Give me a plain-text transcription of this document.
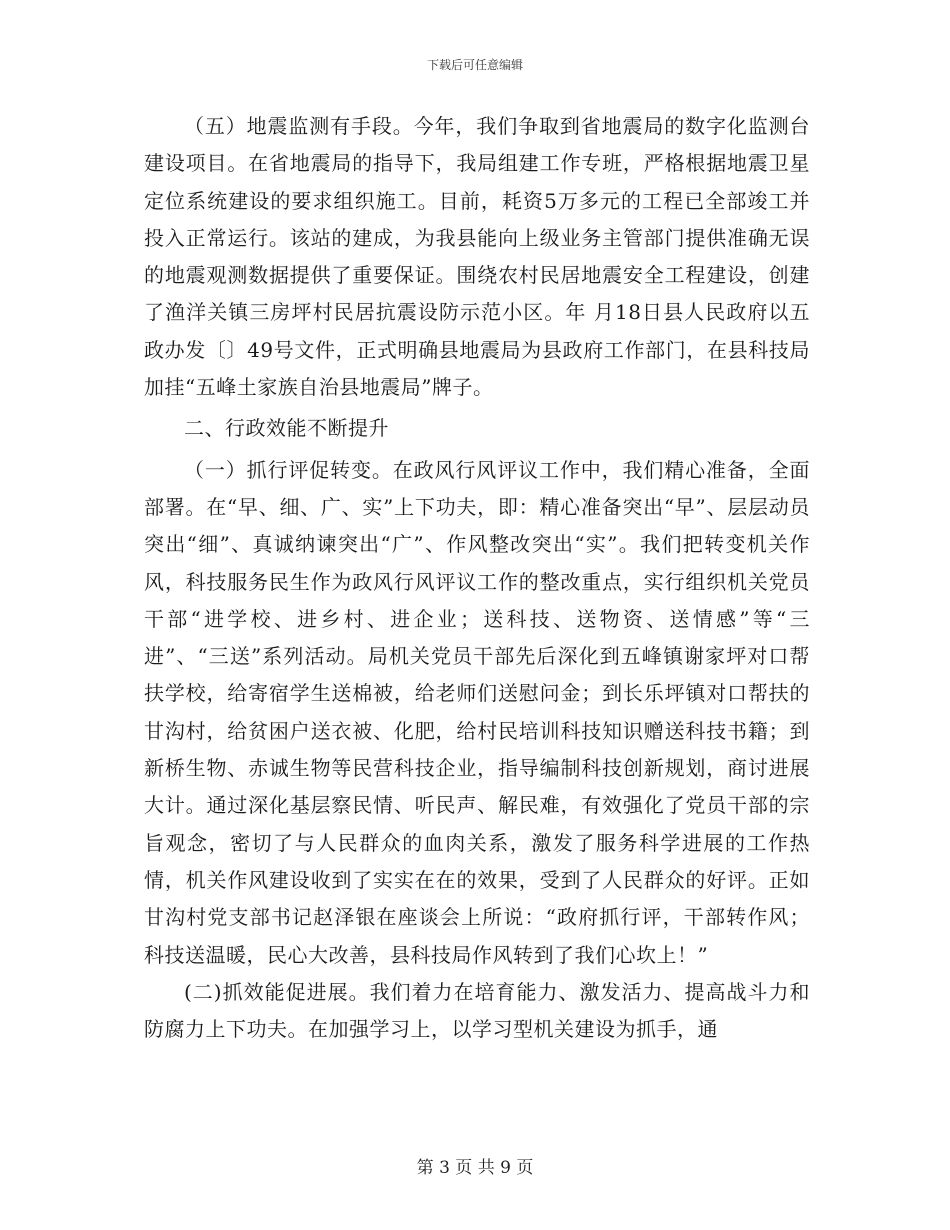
下载后可任意编辑

（五）地震监测有手段。今年，我们争取到省地震局的数字化监测台建设项目。在省地震局的指导下，我局组建工作专班，严格根据地震卫星定位系统建设的要求组织施工。目前，耗资5万多元的工程已全部竣工并投入正常运行。该站的建成，为我县能向上级业务主管部门提供准确无误的地震观测数据提供了重要保证。围绕农村民居地震安全工程建设，创建了渔洋关镇三房坪村民居抗震设防示范小区。年 月18日县人民政府以五政办发〔〕49号文件，正式明确县地震局为县政府工作部门，在县科技局加挂“五峰土家族自治县地震局”牌子。

二、行政效能不断提升

（一）抓行评促转变。在政风行风评议工作中，我们精心准备，全面部署。在“早、细、广、实”上下功夫，即：精心准备突出“早”、层层动员突出“细”、真诚纳谏突出“广”、作风整改突出“实”。我们把转变机关作风，科技服务民生作为政风行风评议工作的整改重点，实行组织机关党员干部“进学校、进乡村、进企业；送科技、送物资、送情感”等“三进”、“三送”系列活动。局机关党员干部先后深化到五峰镇谢家坪对口帮扶学校，给寄宿学生送棉被，给老师们送慰问金；到长乐坪镇对口帮扶的甘沟村，给贫困户送衣被、化肥，给村民培训科技知识赠送科技书籍；到新桥生物、赤诚生物等民营科技企业，指导编制科技创新规划，商讨进展大计。通过深化基层察民情、听民声、解民难，有效强化了党员干部的宗旨观念，密切了与人民群众的血肉关系，激发了服务科学进展的工作热情，机关作风建设收到了实实在在的效果，受到了人民群众的好评。正如甘沟村党支部书记赵泽银在座谈会上所说：“政府抓行评，干部转作风；科技送温暖，民心大改善，县科技局作风转到了我们心坎上！”

(二)抓效能促进展。我们着力在培育能力、激发活力、提高战斗力和防腐力上下功夫。在加强学习上，以学习型机关建设为抓手，通

第 3 页 共 9 页
